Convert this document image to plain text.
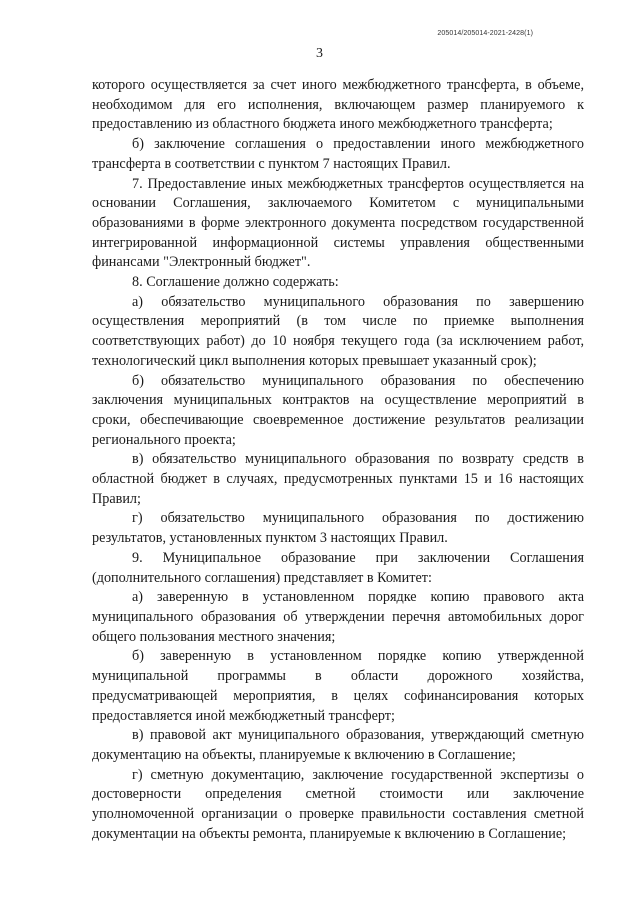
205014/205014-2021-2428(1)
3

которого осуществляется за счет иного межбюджетного трансферта, в объеме, необходимом для его исполнения, включающем размер планируемого к предоставлению из областного бюджета иного межбюджетного трансферта;

б) заключение соглашения о предоставлении иного межбюджетного трансферта в соответствии с пунктом 7 настоящих Правил.

7. Предоставление иных межбюджетных трансфертов осуществляется на основании Соглашения, заключаемого Комитетом с муниципальными образованиями в форме электронного документа посредством государственной интегрированной информационной системы управления общественными финансами "Электронный бюджет".

8. Соглашение должно содержать:

а) обязательство муниципального образования по завершению осуществления мероприятий (в том числе по приемке выполнения соответствующих работ) до 10 ноября текущего года (за исключением работ, технологический цикл выполнения которых превышает указанный срок);

б) обязательство муниципального образования по обеспечению заключения муниципальных контрактов на осуществление мероприятий в сроки, обеспечивающие своевременное достижение результатов реализации регионального проекта;

в) обязательство муниципального образования по возврату средств в областной бюджет в случаях, предусмотренных пунктами 15 и 16 настоящих Правил;

г) обязательство муниципального образования по достижению результатов, установленных пунктом 3 настоящих Правил.

9. Муниципальное образование при заключении Соглашения (дополнительного соглашения) представляет в Комитет:

а) заверенную в установленном порядке копию правового акта муниципального образования об утверждении перечня автомобильных дорог общего пользования местного значения;

б) заверенную в установленном порядке копию утвержденной муниципальной программы в области дорожного хозяйства, предусматривающей мероприятия, в целях софинансирования которых предоставляется иной межбюджетный трансферт;

в) правовой акт муниципального образования, утверждающий сметную документацию на объекты, планируемые к включению в Соглашение;

г) сметную документацию, заключение государственной экспертизы о достоверности определения сметной стоимости или заключение уполномоченной организации о проверке правильности составления сметной документации на объекты ремонта, планируемые к включению в Соглашение;
